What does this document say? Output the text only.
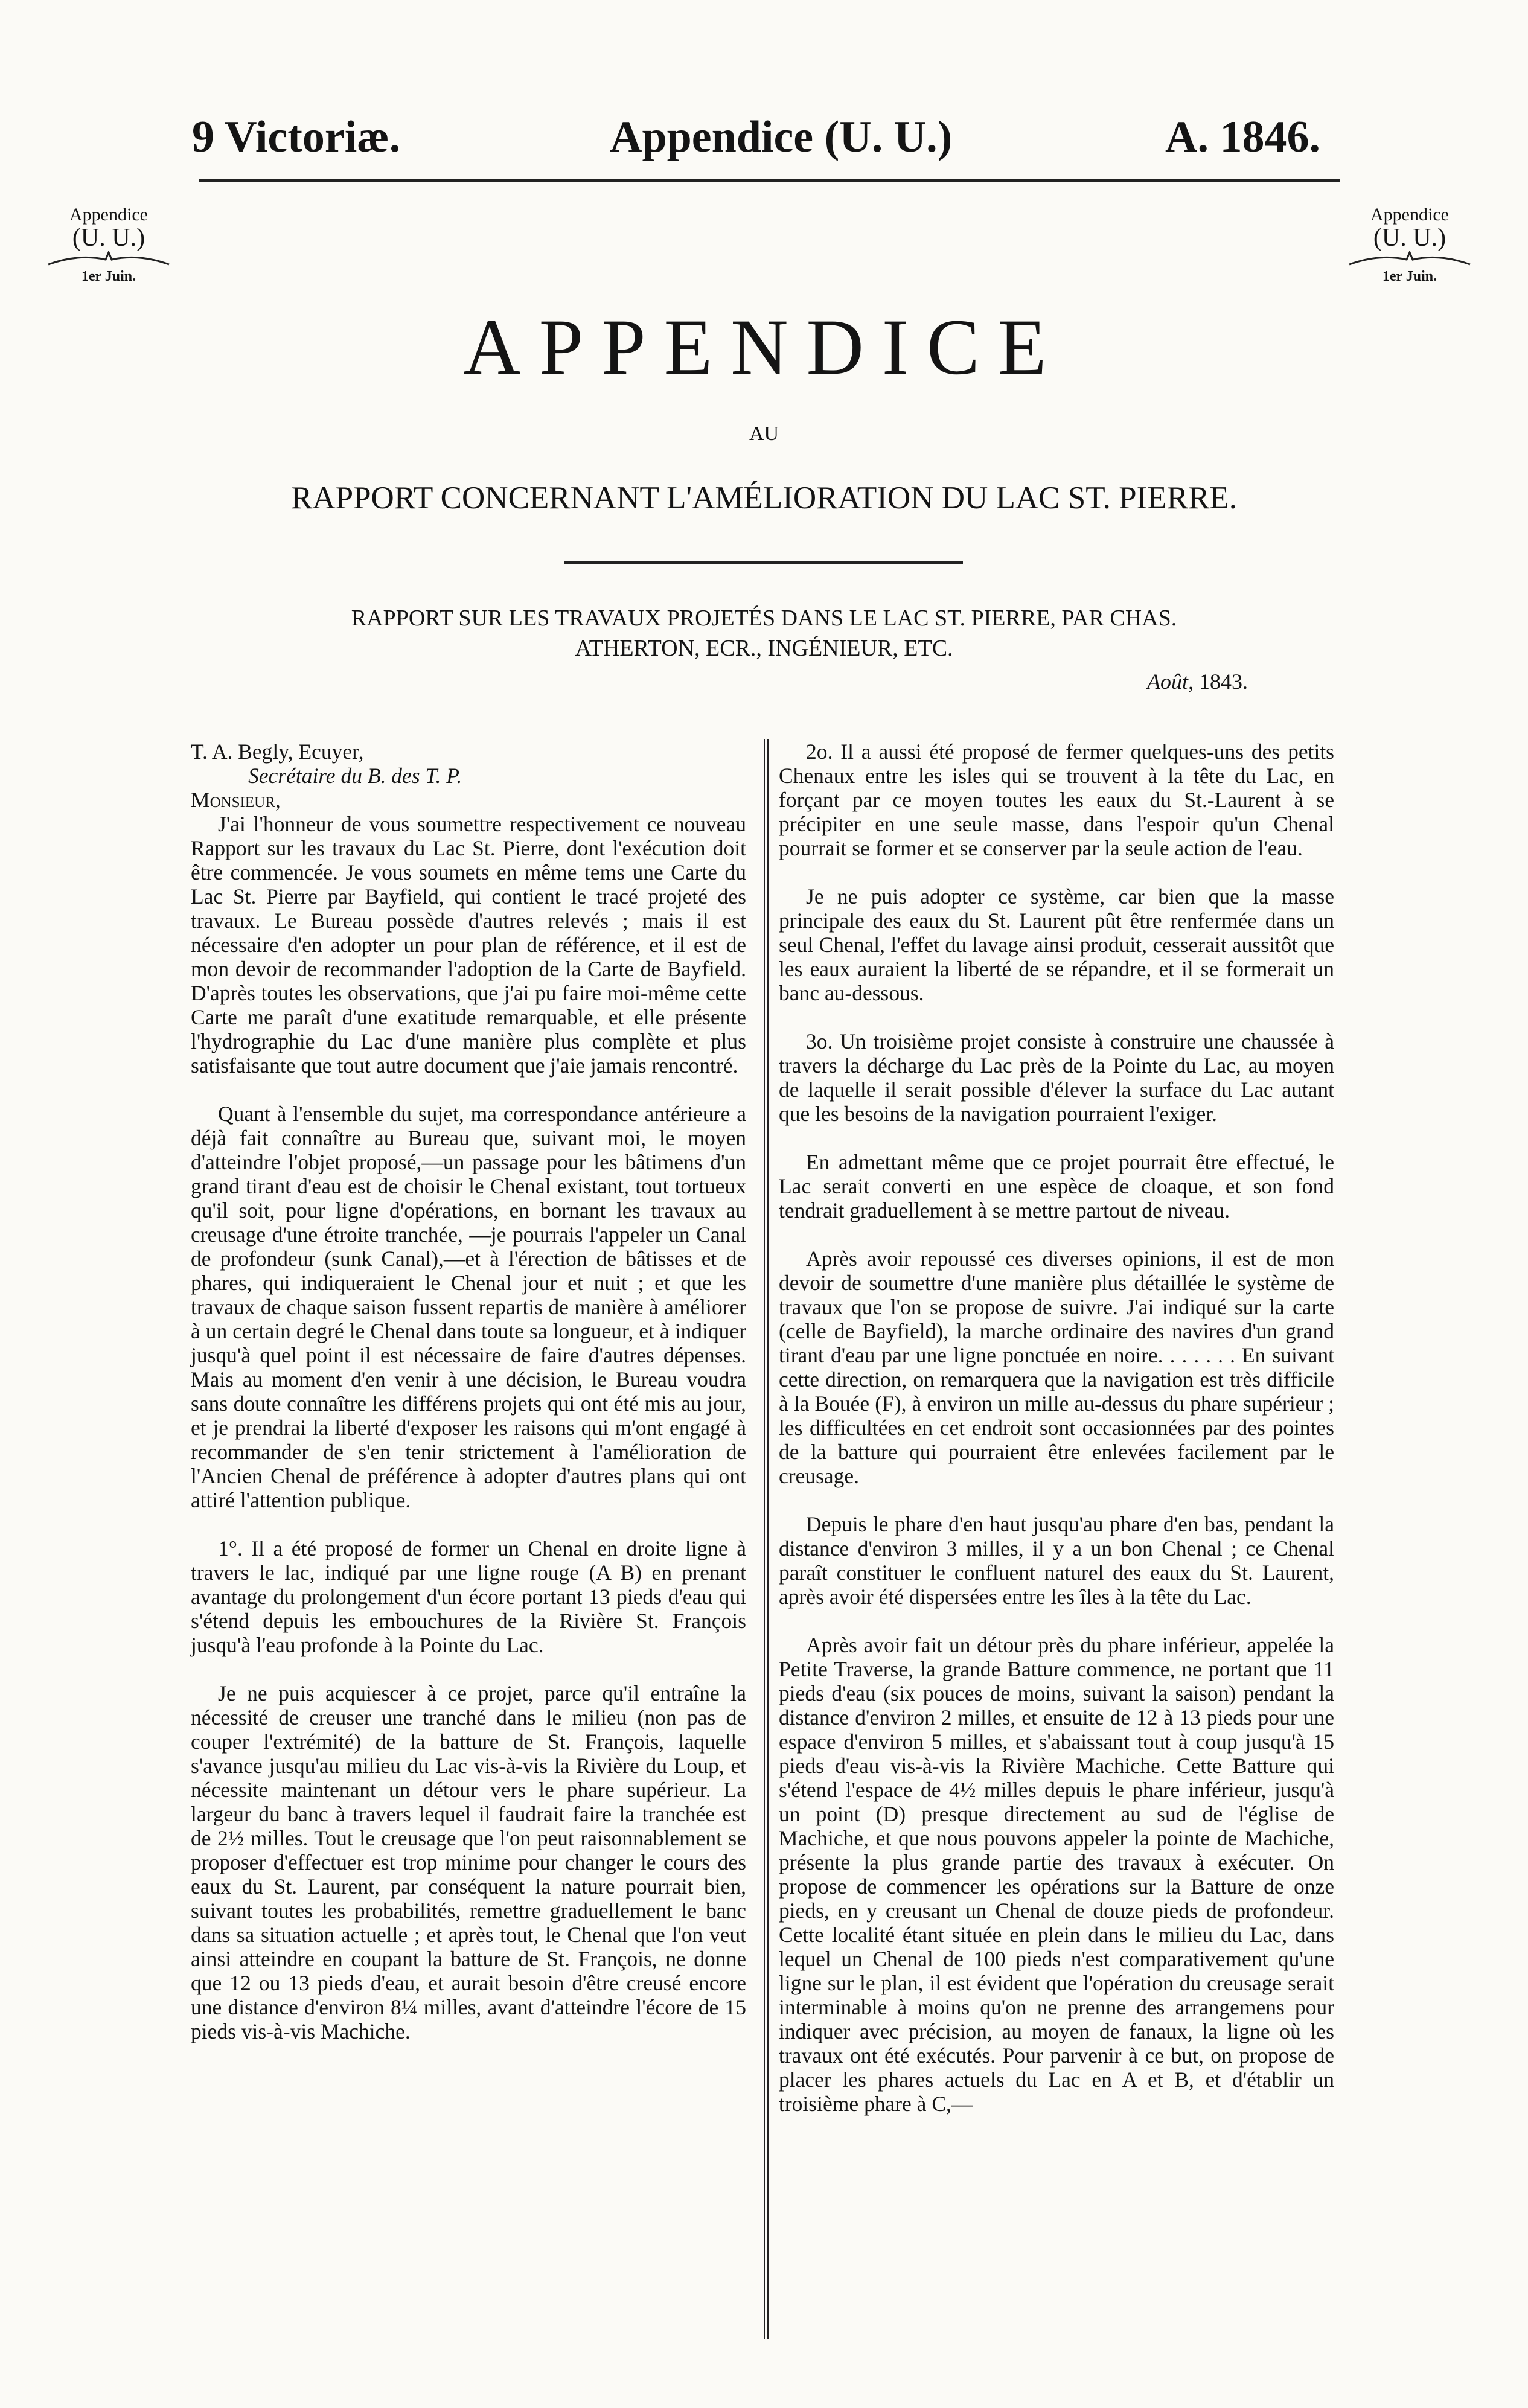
9 Victoriæ.	Appendice (U. U.)	A. 1846.
Appendice
(U. U.)
1er Juin.
Appendice
(U. U.)
1er Juin.
APPENDICE
AU
RAPPORT CONCERNANT L'AMÉLIORATION DU LAC ST. PIERRE.
RAPPORT SUR LES TRAVAUX PROJETÉS DANS LE LAC ST. PIERRE, PAR CHAS.
ATHERTON, ECR., INGÉNIEUR, ETC.
Août, 1843.

T. A. Begly, Ecuyer,

Secrétaire du B. des T. P.

Monsieur,

J'ai l'honneur de vous soumettre respectivement ce nouveau Rapport sur les travaux du Lac St. Pierre, dont l'exécution doit être commencée. Je vous soumets en même tems une Carte du Lac St. Pierre par Bayfield, qui contient le tracé projeté des travaux. Le Bureau possède d'autres relevés ; mais il est nécessaire d'en adopter un pour plan de référence, et il est de mon devoir de recommander l'adoption de la Carte de Bayfield. D'après toutes les observations, que j'ai pu faire moi-même cette Carte me paraît d'une exatitude remarquable, et elle présente l'hydrographie du Lac d'une manière plus complète et plus satisfaisante que tout autre document que j'aie jamais rencontré.

Quant à l'ensemble du sujet, ma correspondance antérieure a déjà fait connaître au Bureau que, suivant moi, le moyen d'atteindre l'objet proposé,—un passage pour les bâtimens d'un grand tirant d'eau est de choisir le Chenal existant, tout tortueux qu'il soit, pour ligne d'opérations, en bornant les travaux au creusage d'une étroite tranchée, —je pourrais l'appeler un Canal de profondeur (sunk Canal),—et à l'érection de bâtisses et de phares, qui indiqueraient le Chenal jour et nuit ; et que les travaux de chaque saison fussent repartis de manière à améliorer à un certain degré le Chenal dans toute sa longueur, et à indiquer jusqu'à quel point il est nécessaire de faire d'autres dépenses. Mais au moment d'en venir à une décision, le Bureau voudra sans doute connaître les différens projets qui ont été mis au jour, et je prendrai la liberté d'exposer les raisons qui m'ont engagé à recommander de s'en tenir strictement à l'amélioration de l'Ancien Chenal de préférence à adopter d'autres plans qui ont attiré l'attention publique.

1°. Il a été proposé de former un Chenal en droite ligne à travers le lac, indiqué par une ligne rouge (A B) en prenant avantage du prolongement d'un écore portant 13 pieds d'eau qui s'étend depuis les embouchures de la Rivière St. François jusqu'à l'eau profonde à la Pointe du Lac.

Je ne puis acquiescer à ce projet, parce qu'il entraîne la nécessité de creuser une tranché dans le milieu (non pas de couper l'extrémité) de la batture de St. François, laquelle s'avance jusqu'au milieu du Lac vis-à-vis la Rivière du Loup, et nécessite maintenant un détour vers le phare supérieur. La largeur du banc à travers lequel il faudrait faire la tranchée est de 2½ milles. Tout le creusage que l'on peut raisonnablement se proposer d'effectuer est trop minime pour changer le cours des eaux du St. Laurent, par conséquent la nature pourrait bien, suivant toutes les probabilités, remettre graduellement le banc dans sa situation actuelle ; et après tout, le Chenal que l'on veut ainsi atteindre en coupant la batture de St. François, ne donne que 12 ou 13 pieds d'eau, et aurait besoin d'être creusé encore une distance d'environ 8¼ milles, avant d'atteindre l'écore de 15 pieds vis-à-vis Machiche.

2o. Il a aussi été proposé de fermer quelques-uns des petits Chenaux entre les isles qui se trouvent à la tête du Lac, en forçant par ce moyen toutes les eaux du St.-Laurent à se précipiter en une seule masse, dans l'espoir qu'un Chenal pourrait se former et se conserver par la seule action de l'eau.

Je ne puis adopter ce système, car bien que la masse principale des eaux du St. Laurent pût être renfermée dans un seul Chenal, l'effet du lavage ainsi produit, cesserait aussitôt que les eaux auraient la liberté de se répandre, et il se formerait un banc au-dessous.

3o. Un troisième projet consiste à construire une chaussée à travers la décharge du Lac près de la Pointe du Lac, au moyen de laquelle il serait possible d'élever la surface du Lac autant que les besoins de la navigation pourraient l'exiger.

En admettant même que ce projet pourrait être effectué, le Lac serait converti en une espèce de cloaque, et son fond tendrait graduellement à se mettre partout de niveau.

Après avoir repoussé ces diverses opinions, il est de mon devoir de soumettre d'une manière plus détaillée le système de travaux que l'on se propose de suivre. J'ai indiqué sur la carte (celle de Bayfield), la marche ordinaire des navires d'un grand tirant d'eau par une ligne ponctuée en noire. . . . . . . En suivant cette direction, on remarquera que la navigation est très difficile à la Bouée (F), à environ un mille au-dessus du phare supérieur ; les difficultées en cet endroit sont occasionnées par des pointes de la batture qui pourraient être enlevées facilement par le creusage.

Depuis le phare d'en haut jusqu'au phare d'en bas, pendant la distance d'environ 3 milles, il y a un bon Chenal ; ce Chenal paraît constituer le confluent naturel des eaux du St. Laurent, après avoir été dispersées entre les îles à la tête du Lac.

Après avoir fait un détour près du phare inférieur, appelée la Petite Traverse, la grande Batture commence, ne portant que 11 pieds d'eau (six pouces de moins, suivant la saison) pendant la distance d'environ 2 milles, et ensuite de 12 à 13 pieds pour une espace d'environ 5 milles, et s'abaissant tout à coup jusqu'à 15 pieds d'eau vis-à-vis la Rivière Machiche. Cette Batture qui s'étend l'espace de 4½ milles depuis le phare inférieur, jusqu'à un point (D) presque directement au sud de l'église de Machiche, et que nous pouvons appeler la pointe de Machiche, présente la plus grande partie des travaux à exécuter. On propose de commencer les opérations sur la Batture de onze pieds, en y creusant un Chenal de douze pieds de profondeur. Cette localité étant située en plein dans le milieu du Lac, dans lequel un Chenal de 100 pieds n'est comparativement qu'une ligne sur le plan, il est évident que l'opération du creusage serait interminable à moins qu'on ne prenne des arrangemens pour indiquer avec précision, au moyen de fanaux, la ligne où les travaux ont été exécutés. Pour parvenir à ce but, on propose de placer les phares actuels du Lac en A et B, et d'établir un troisième phare à C,—
